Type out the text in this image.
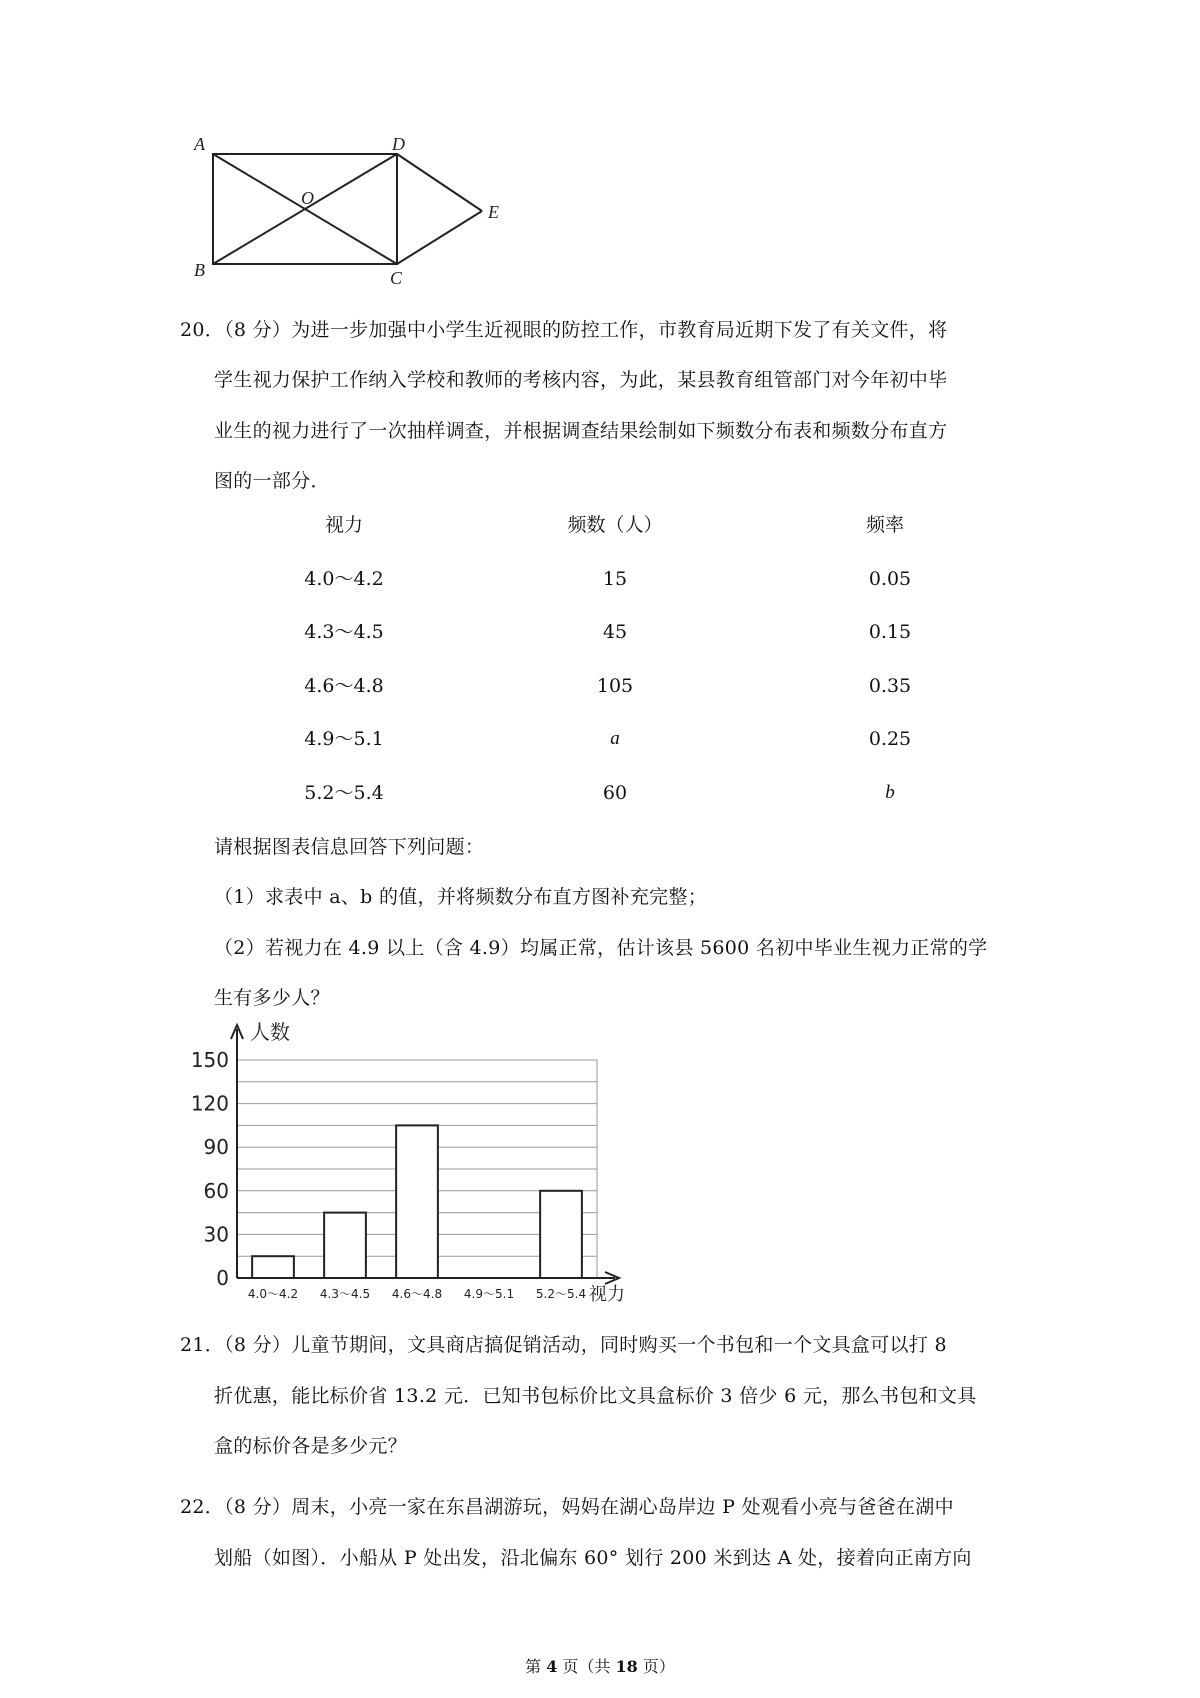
A
B	C
D
E
O
20．（8 分）为进一步加强中小学生近视眼的防控工作，市教育局近期下发了有关文件，将
学生视力保护工作纳入学校和教师的考核内容，为此，某县教育组管部门对今年初中毕
业生的视力进行了一次抽样调查，并根据调查结果绘制如下频数分布表和频数分布直方
图的一部分．
视力	频数（人）	频率
4.0～4.2	15	0.05
4.3～4.5	45	0.15
4.6～4.8	105	0.35
4.9～5.1	a	0.25
5.2～5.4	60	b
请根据图表信息回答下列问题：
（1）求表中 a、b 的值，并将频数分布直方图补充完整；
（2）若视力在 4.9 以上（含 4.9）均属正常，估计该县 5600 名初中毕业生视力正常的学
生有多少人？
0
30
60
90
120
150
4.0～4.2 4.3～4.5 4.6～4.8 4.9～5.1 5.2～5.4
人数
视力
21．（8 分）儿童节期间，文具商店搞促销活动，同时购买一个书包和一个文具盒可以打 8
折优惠，能比标价省 13.2 元．已知书包标价比文具盒标价 3 倍少 6 元，那么书包和文具
盒的标价各是多少元？
22．（8 分）周末，小亮一家在东昌湖游玩，妈妈在湖心岛岸边 P 处观看小亮与爸爸在湖中
划船（如图）．小船从 P 处出发，沿北偏东 60° 划行 200 米到达 A 处，接着向正南方向
第 4 页（共 18 页）
